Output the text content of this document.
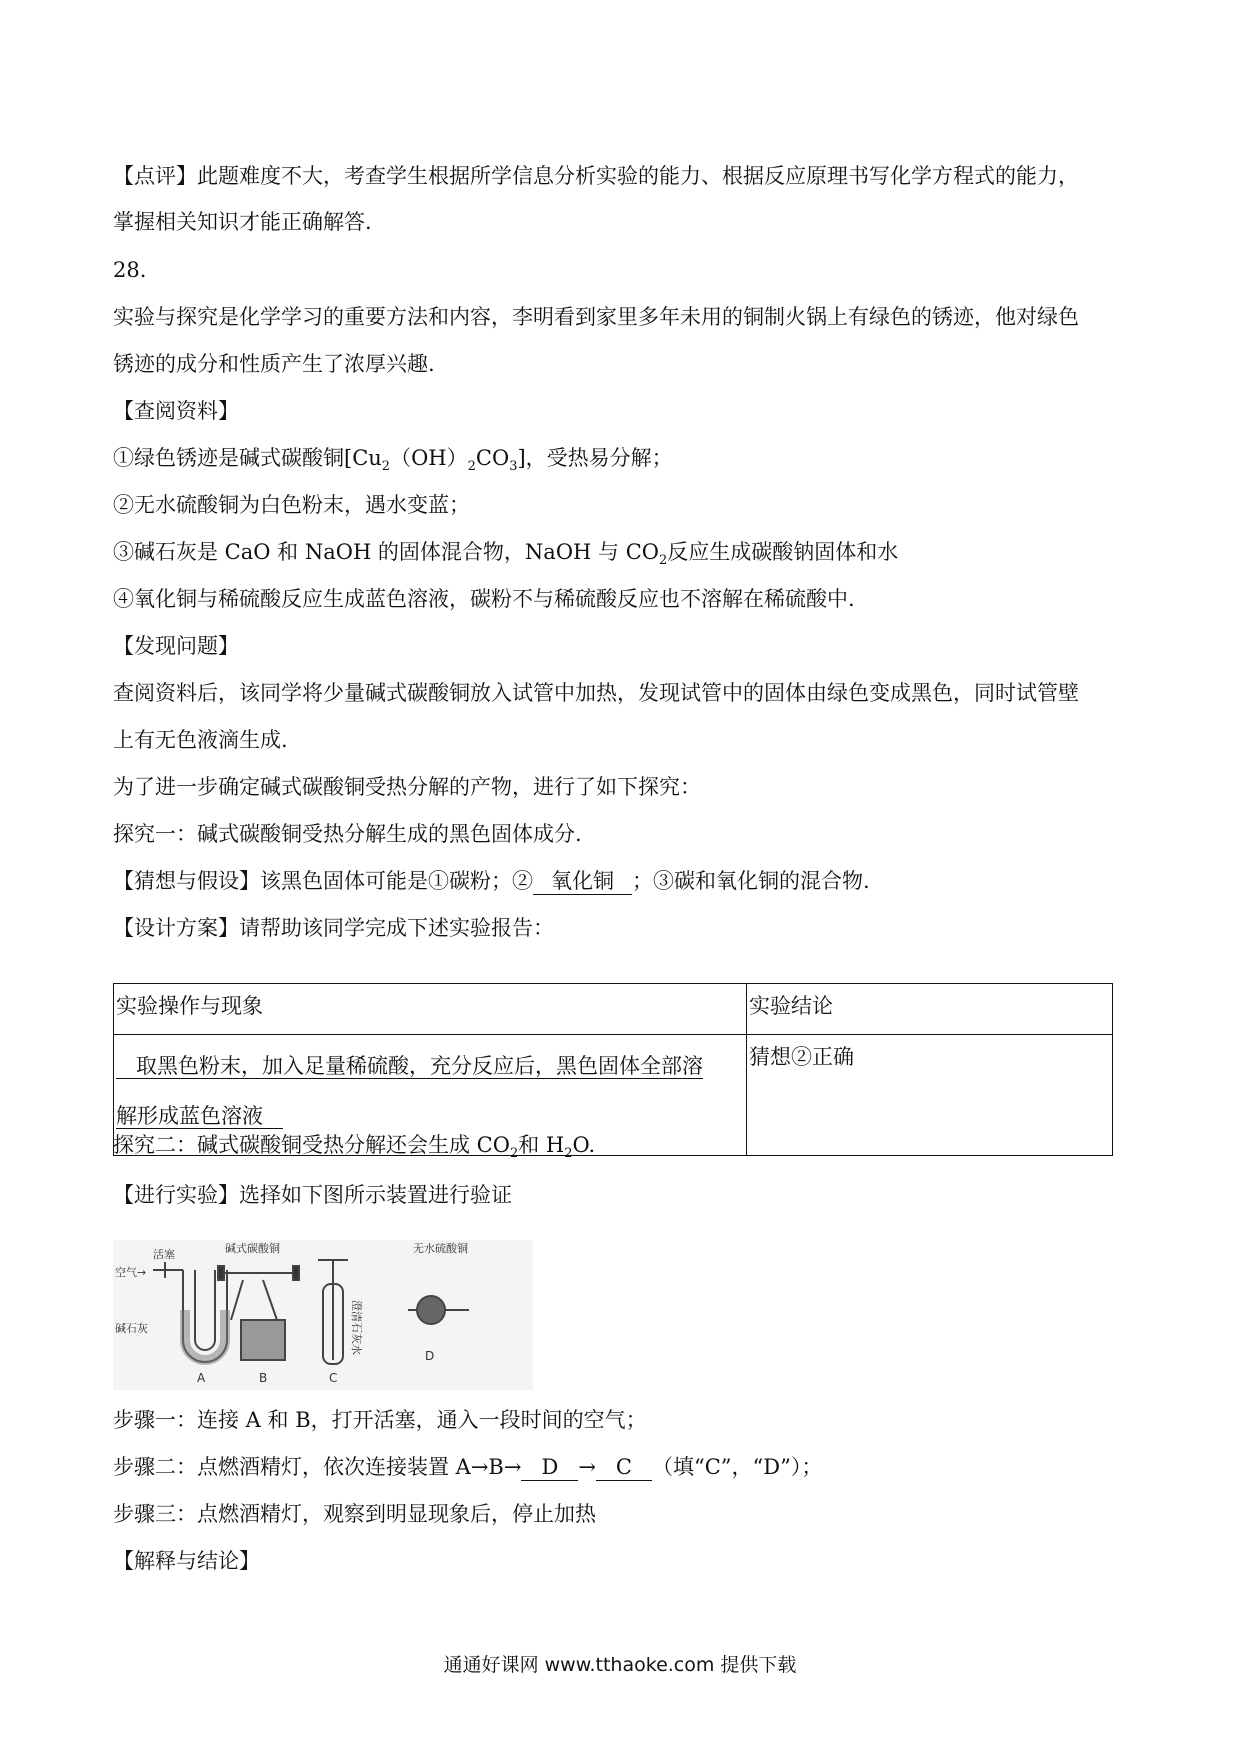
【点评】此题难度不大，考查学生根据所学信息分析实验的能力、根据反应原理书写化学方程式的能力，
掌握相关知识才能正确解答.
28.
实验与探究是化学学习的重要方法和内容，李明看到家里多年未用的铜制火锅上有绿色的锈迹，他对绿色
锈迹的成分和性质产生了浓厚兴趣.
【查阅资料】
①绿色锈迹是碱式碳酸铜$[Cu_2(OH)_2CO_3]$，受热易分解；
②无水硫酸铜为白色粉末，遇水变蓝；
③碱石灰是 CaO 和 NaOH 的固体混合物，NaOH 与 $CO_2$反应生成碳酸钠固体和水
④氧化铜与稀硫酸反应生成蓝色溶液，碳粉不与稀硫酸反应也不溶解在稀硫酸中.
【发现问题】
查阅资料后，该同学将少量碱式碳酸铜放入试管中加热，发现试管中的固体由绿色变成黑色，同时试管壁
上有无色液滴生成.
为了进一步确定碱式碳酸铜受热分解的产物，进行了如下探究：
探究一：碱式碳酸铜受热分解生成的黑色固体成分.
【猜想与假设】该黑色固体可能是①碳粉；② 氧化铜 ；③碳和氧化铜的混合物.
【设计方案】请帮助该同学完成下述实验报告：
实验操作与现象	实验结论

取黑色粉末，加入足量稀硫酸，充分反应后，黑色固体全部溶
解形成蓝色溶液	猜想②正确
探究二：碱式碳酸铜受热分解还会生成 $CO_2$和 $H_2O$.
【进行实验】选择如下图所示装置进行验证
空气→
活塞
碱石灰
A
碱式碳酸铜
B
澄清石灰水
C
无水硫酸铜
D
步骤一：连接 A 和 B，打开活塞，通入一段时间的空气；
步骤二：点燃酒精灯，依次连接装置 A→B→ D → C （填“C”，“D”）；
步骤三：点燃酒精灯，观察到明显现象后，停止加热
【解释与结论】
通通好课网 www.tthaoke.com 提供下载
